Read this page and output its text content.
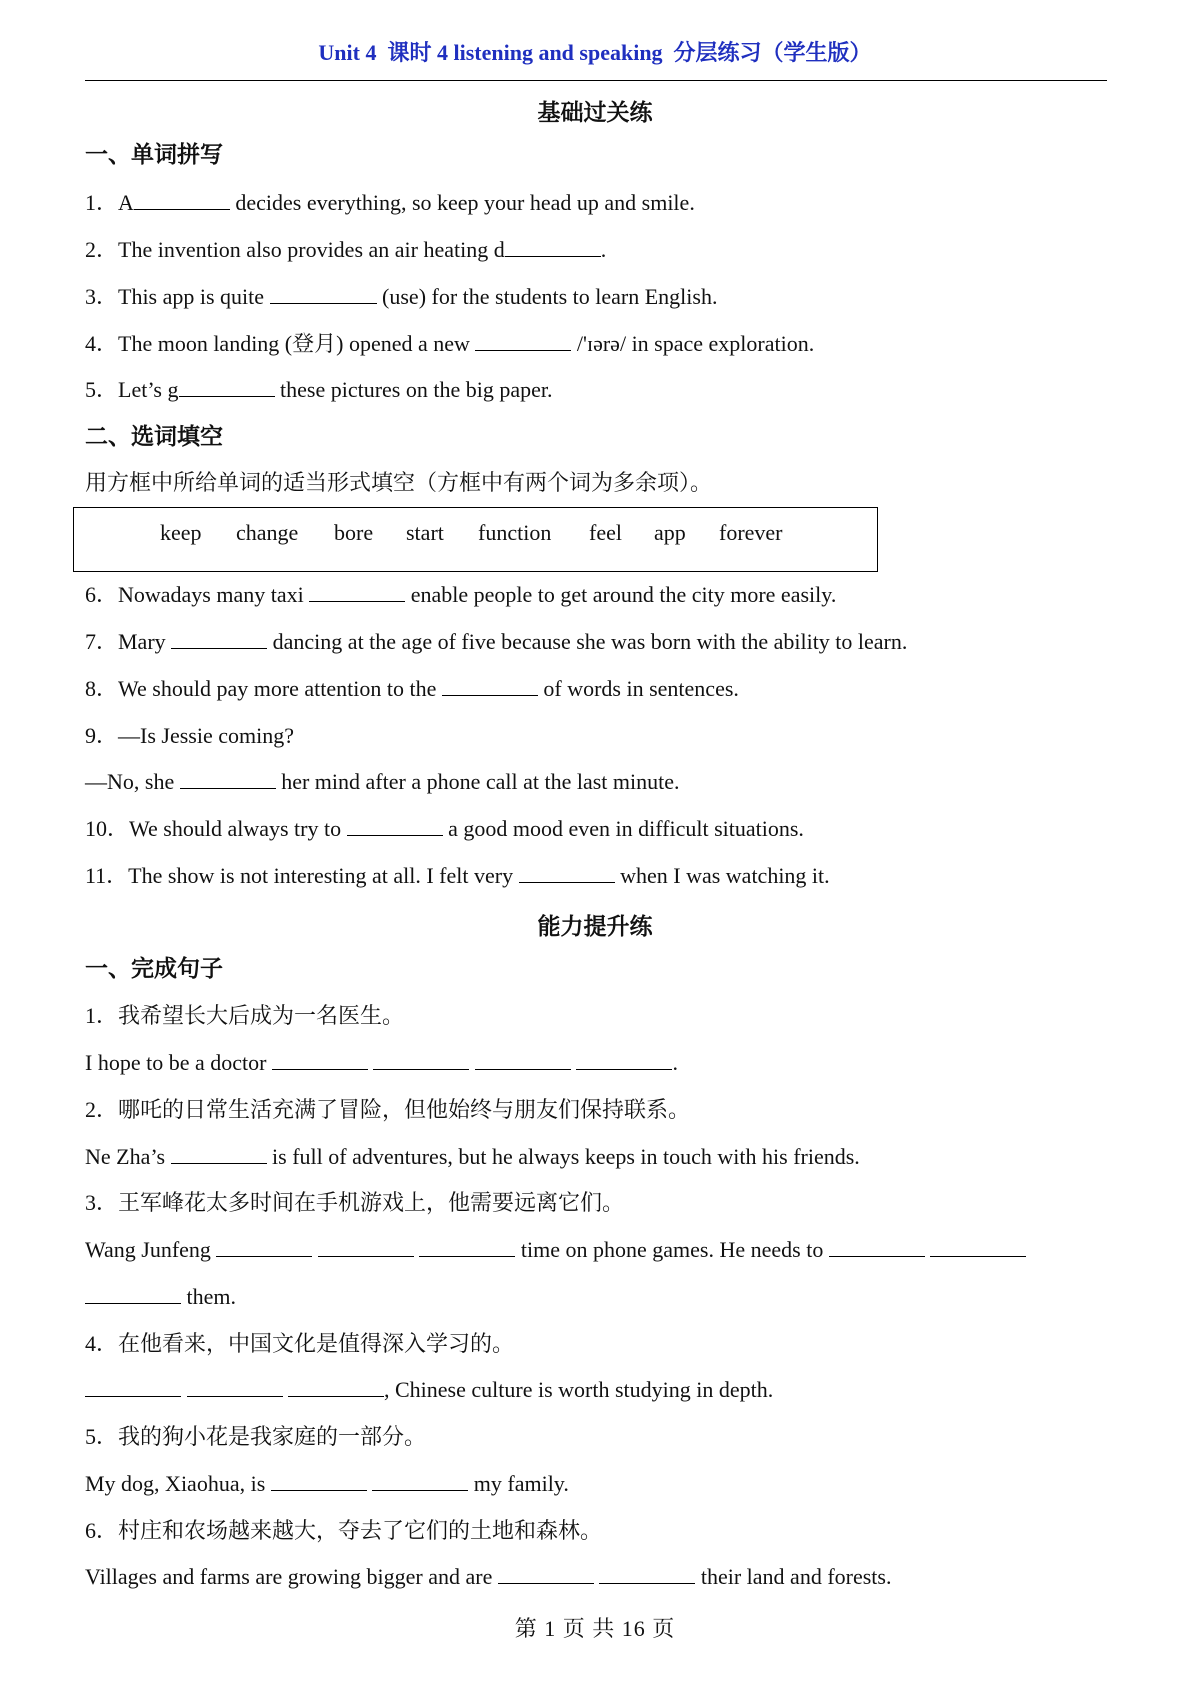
Unit 4  课时 4 listening and speaking  分层练习（学生版）
基础过关练
一、单词拼写
1．A	decides everything, so keep your head up and smile.
2．The invention also provides an air heating d	.
3．This app is quite	(use) for the students to learn English.
4．The moon landing (登月) opened a new	/'ɪərə/ in space exploration.
5．Let’s g	these pictures on the big paper.
二、选词填空
用方框中所给单词的适当形式填空（方框中有两个词为多余项）。
keep change bore start function feel app forever
6．Nowadays many taxi	enable people to get around the city more easily.
7．Mary	dancing at the age of five because she was born with the ability to learn.
8．We should pay more attention to the	of words in sentences.
9．—Is Jessie coming?
—No, she	her mind after a phone call at the last minute.
10．We should always try to	a good mood even in difficult situations.
11．The show is not interesting at all. I felt very	when I was watching it.
能力提升练
一、完成句子
1．我希望长大后成为一名医生。
I hope to be a doctor	.
2．哪吒的日常生活充满了冒险，但他始终与朋友们保持联系。
Ne Zha’s	is full of adventures, but he always keeps in touch with his friends.
3．王军峰花太多时间在手机游戏上，他需要远离它们。
Wang Junfeng	time on phone games. He needs to
them.
4．在他看来，中国文化是值得深入学习的。
, Chinese culture is worth studying in depth.
5．我的狗小花是我家庭的一部分。
My dog, Xiaohua, is	my family.
6．村庄和农场越来越大，夺去了它们的土地和森林。
Villages and farms are growing bigger and are	their land and forests.
第 1 页 共 16 页
